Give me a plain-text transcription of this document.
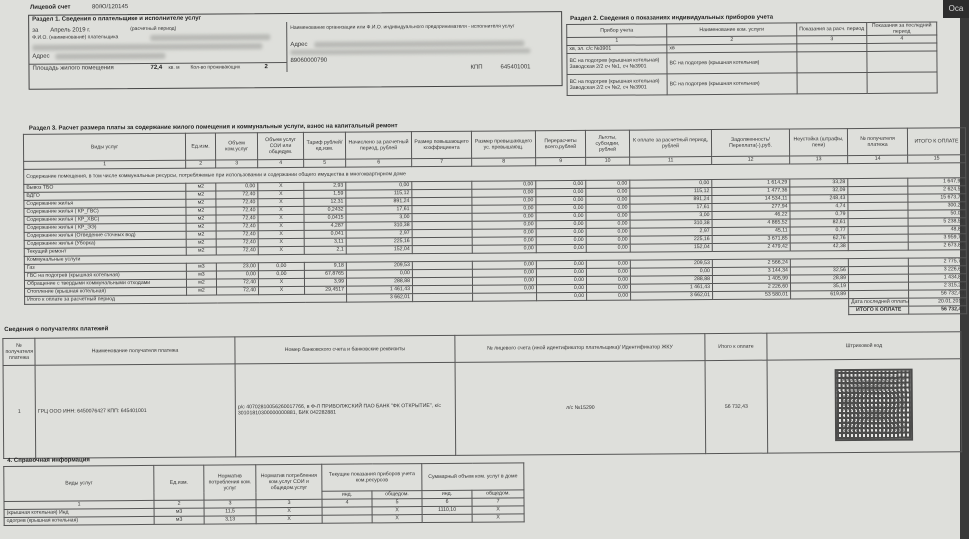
Лицевой счет	80/Ю/120145
Раздел 1. Сведения о плательщике и исполнителе услуг
за Апрель 2019 г.	(расчетный период)
Ф.И.О. (наименование) плательщика
Адрес
Площадь жилого помещения	72,4 кв. м Кол-во проживающих	2
Наименование организации или Ф.И.О. индивидуального предпринимателя - исполнителя услуг
Адрес
89060000790
КПП	645401001
Раздел 2. Сведения о показаниях индивидуальных приборов учета
Прибор учета	Наименование ком. услуги	Показания за расч. период	Показания за последний период
1	2	3	4
хв, эл. с/с №3901	хв		
ВС на подогрев (крышная котельная) Заводская 2/2 сч №1, сч №3901	ВС на подогрев (крышная котельная)		
ВС на подогрев (крышная котельная) Заводская 2/2 сч №2, сч №3901	ВС на подогрев (крышная котельная)		
Раздел 3. Расчет размера платы за содержание жилого помещения и коммунальные услуги, взнос на капитальный ремонт
Виды услуг	Ед.изм.	Объем ком.услуг	Объем услуг СОИ или общедум.	Тариф рублей/ ед.изм.	Начислено за расчетный период, рублей	Размер повышающего коэффициента	Размер превышающего ус. превышающ.	Перерасчеты всего,рублей	Льготы, субсидии, рублей	К оплате за расчетный период, рублей	Задолженность/ Переплата(-),руб.	Неустойка (штрафы, пени)	№ получателя платежа	ИТОГО К ОПЛАТЕ
1	2	3	4	5	6	7	8	9	10	11	12	13	14	15
Содержание помещения, в том числе коммунальные ресурсы, потребляемые при использовании и содержании общего имущества в многоквартирном доме														
Вывоз ТБО	м2	0,00	X	2,93	0,00		0,00	0,00	0,00	0,00	1 614,29	33,28		1 647,98
ВДГО	м2	72,40	X	1,59	115,12		0,00	0,00	0,00	115,12	1 477,36	32,09		2 624,56
Содержание жилья	м2	72,40	X	12,31	891,24		0,00	0,00	0,00	891,24	14 534,11	248,43		15 673,78
Содержание жилья ( КР_ГВС)	м2	72,40	X	0,2432	17,61		0,00	0,00	0,00	17,61	277,94	4,74		300,29
Содержание жилья ( КР_ХВС)	м2	72,40	X	0,0415	3,00		0,00	0,00	0,00	3,00	46,22	0,79		50,01
Содержание жилья ( КР_ЭЭ)	м2	72,40	X	4,287	310,38		0,00	0,00	0,00	310,38	4 865,52	82,61		5 238,51
Содержание жилья (Отведение сточных вод)	м2	72,40	X	0,041	2,97		0,00	0,00	0,00	2,97	45,11	0,77		48,85
Содержание жилья (Уборка)	м2	72,40	X	3,11	225,16		0,00	0,00	0,00	225,16	3 671,85	62,76		3 959,77
Текущий ремонт	м2	72,40	X	2,1	152,04		0,00	0,00	0,00	152,04	2 479,42	42,38		2 673,84
Коммунальные услуги														
Газ	м3	23,00	0,00	9,18	209,53		0,00	0,00	0,00	209,53	2 566,24			2 775,77
ГВС на подогрев (крышная котельная)	м3	0,00	0,00	67,8765	0,00		0,00	0,00	0,00	0,00	3 144,34	32,56		3 226,63
Обращение с твердыми коммунальными отходами	м2	72,40	X	3,99	288,88		0,00	0,00	0,00	288,88	1 405,99	28,89		1 434,87
Отопление (крышная котельная)	м2	72,40	X	29,4517	1 461,43		0,00	0,00	0,00	1 461,43	2 226,60	35,19		2 315,23
Итого к оплате за расчетный период					3 662,01			0,00	0,00	3 662,01	53 580,01	619,89		56 732,43
													Дата последней оплаты	20.01.2019
													ИТОГО К ОПЛАТЕ	56 732,43
Сведения о получателях платежей
№ получателя платежа	Наименование получателя платежа	Номер банковского счета и банковские реквизиты	№ лицевого счета (иной идентификатор плательщика)/ Идентификатор ЖКУ	Итого к оплате	Штриховой код
1	ГРЦ ООО ИНН: 6450076427 КПП: 645401001	р/с 40702810056260017766, в Ф-Л ПРИВОЛЖСКИЙ ПАО БАНК "ФК ОТКРЫТИЕ", к/с 30101810300000000881, БИК 042282881	л/с №15290	56 732,43	
4. Справочная информация
Виды услуг	Ед.изм.	Норматив потребления ком. услуг	Норматив потребления ком.услуг СОИ и общедом.услуг	Текущие показания приборов учета ком.ресурсов		Суммарный объем ком. услуг в доме	
				инд.	общедом.	инд.	общедом.
1	2	3	3	4	5	6	7
(крышная котельная) Инд	м3	11,5	X		X	1110,10	X
одогрев (крышная котельная)	м3	3,13	X		X		X
Оса
